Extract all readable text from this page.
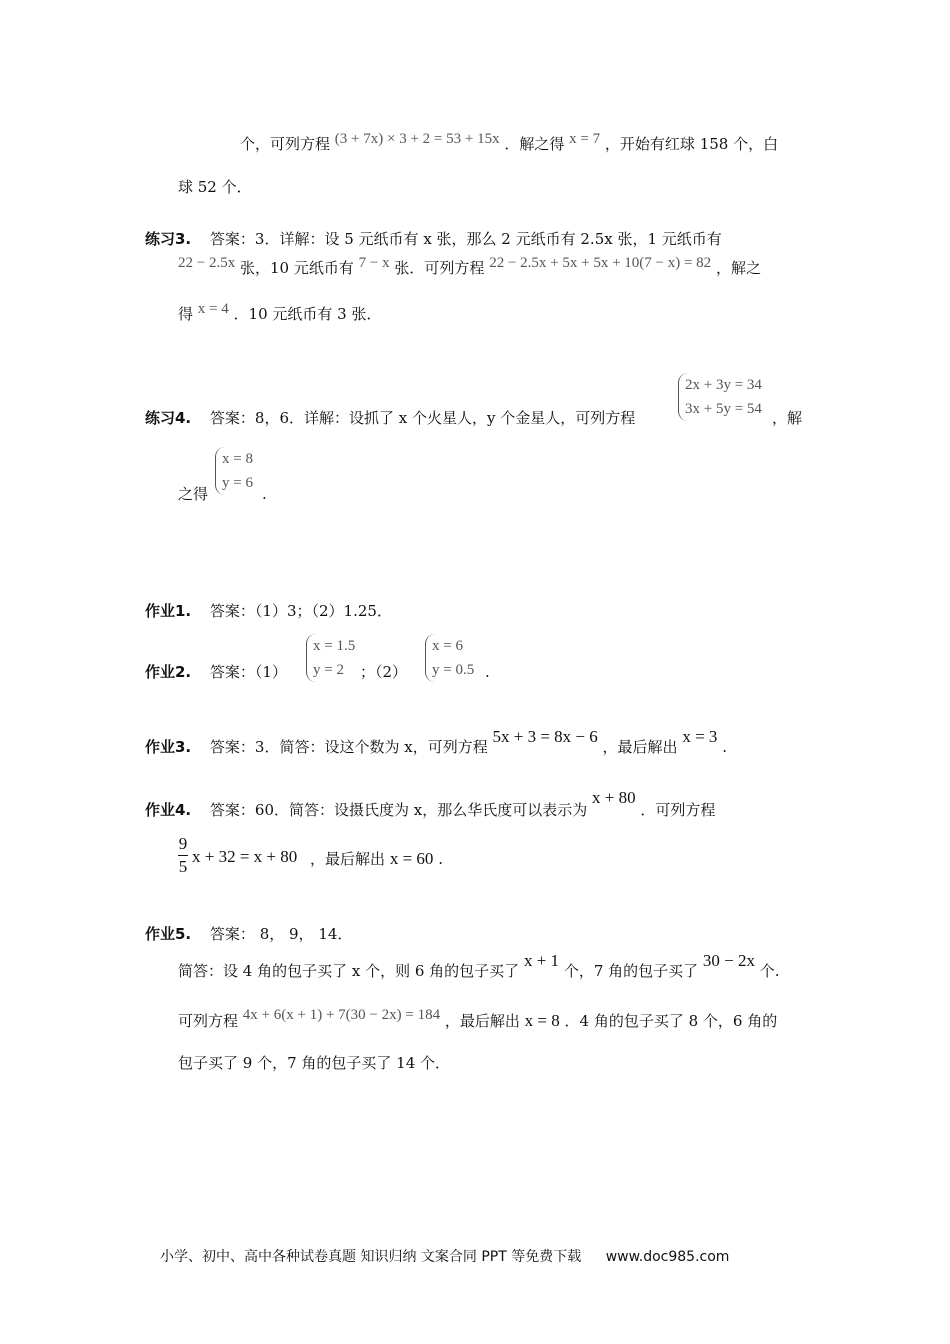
个，可列方程 (3 + 7x) × 3 + 2 = 53 + 15x ．解之得 x = 7 ，开始有红球 158 个，白
球 52 个．
练习3. 答案：3．详解：设 5 元纸币有 x 张，那么 2 元纸币有 2.5x 张，1 元纸币有
22 − 2.5x 张，10 元纸币有 7 − x 张．可列方程 22 − 2.5x + 5x + 5x + 10(7 − x) = 82 ，解之
得 x = 4 ．10 元纸币有 3 张．
练习4. 答案：8，6．详解：设抓了 x 个火星人，y 个金星人，可列方程
2x + 3y = 34
3x + 5y = 54 ，解
之得
x = 8
y = 6
.
作业1. 答案：（1）3；（2）1.25．
作业2. 答案：（1）
x = 1.5
y = 2	；（2）
x = 6
y = 0.5 .
作业3. 答案：3．简答：设这个数为 x，可列方程 5x + 3 = 8x − 6 ，最后解出 x = 3 .
作业4. 答案：60．简答：设摄氏度为 x，那么华氏度可以表示为 x + 80 ．可列方程
9
5
x + 32 = x + 80 ，最后解出 x = 60 .
作业5. 答案： 8， 9， 14．
简答：设 4 角的包子买了 x 个，则 6 角的包子买了 x + 1 个，7 角的包子买了 30 − 2x 个.
可列方程 4x + 6(x + 1) + 7(30 − 2x) = 184 ，最后解出 x = 8 ．4 角的包子买了 8 个，6 角的
包子买了 9 个，7 角的包子买了 14 个．
小学、初中、高中各种试卷真题 知识归纳 文案合同 PPT 等免费下载 www.doc985.com
